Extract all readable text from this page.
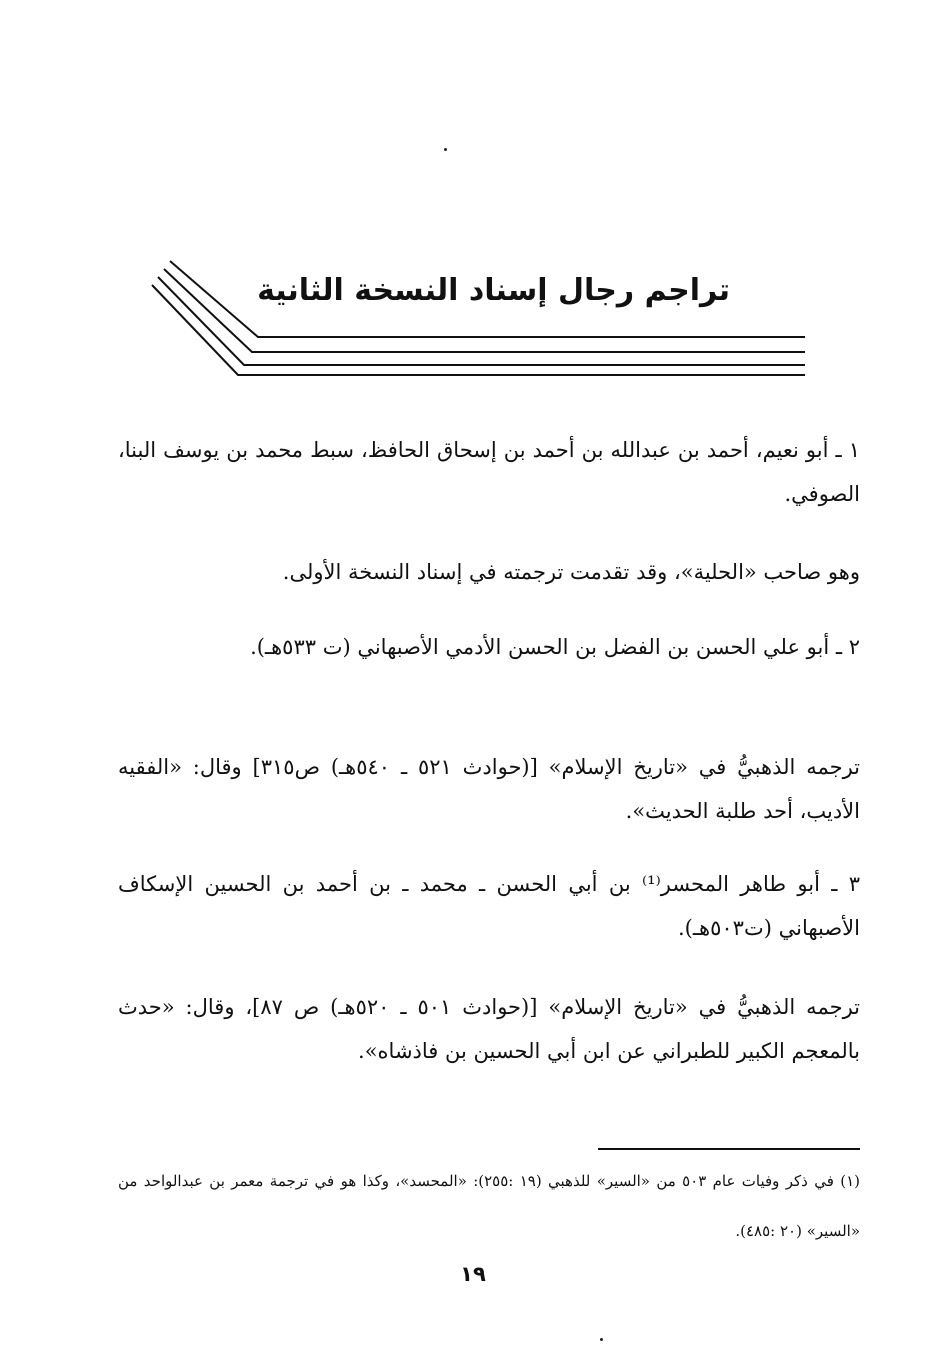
تراجم رجال إسناد النسخة الثانية
١ ـ أبو نعيم، أحمد بن عبدالله بن أحمد بن إسحاق الحافظ، سبط محمد بن يوسف البنا، الصوفي.
وهو صاحب «الحلية»، وقد تقدمت ترجمته في إسناد النسخة الأولى.
٢ ـ أبو علي الحسن بن الفضل بن الحسن الأدمي الأصبهاني (ت ٥٣٣هـ).
ترجمه الذهبيُّ في «تاريخ الإسلام» [(حوادث ٥٢١ ـ ٥٤٠هـ) ص٣١٥] وقال: «الفقيه الأديب، أحد طلبة الحديث».
٣ ـ أبو طاهر المحسر⁽¹⁾ بن أبي الحسن ـ محمد ـ بن أحمد بن الحسين الإسكاف الأصبهاني (ت٥٠٣هـ).
ترجمه الذهبيُّ في «تاريخ الإسلام» [(حوادث ٥٠١ ـ ٥٢٠هـ) ص ٨٧]، وقال: «حدث بالمعجم الكبير للطبراني عن ابن أبي الحسين بن فاذشاه».
(١) في ذكر وفيات عام ٥٠٣ من «السير» للذهبي (١٩ :٢٥٥): «المحسد»، وكذا هو في ترجمة معمر بن عبدالواحد من «السير» (٢٠ :٤٨٥).
١٩
